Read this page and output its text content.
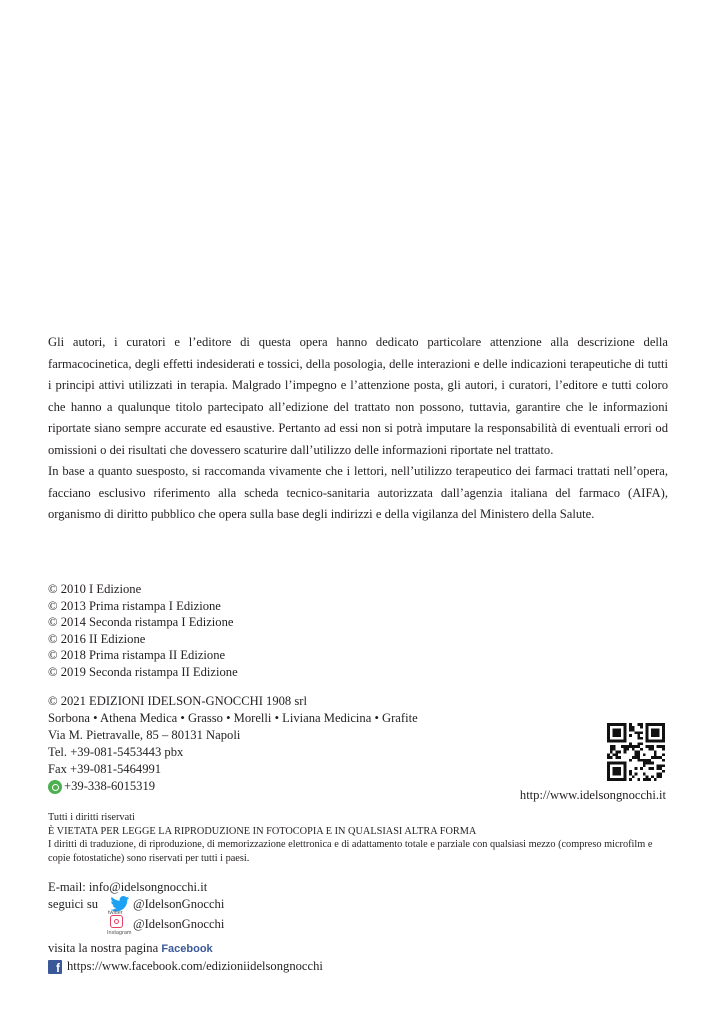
Gli autori, i curatori e l’editore di questa opera hanno dedicato particolare attenzione alla descrizione della farmacocinetica, degli effetti indesiderati e tossici, della posologia, delle interazioni e delle indicazioni terapeutiche di tutti i principi attivi utilizzati in terapia. Malgrado l’impegno e l’attenzione posta, gli autori, i curatori, l’editore e tutti coloro che hanno a qualunque titolo partecipato all’edizione del trattato non possono, tuttavia, garantire che le informazioni riportate siano sempre accurate ed esaustive. Pertanto ad essi non si potrà imputare la responsabilità di eventuali errori od omissioni o dei risultati che dovessero scaturire dall’utilizzo delle informazioni riportate nel trattato.

In base a quanto suesposto, si raccomanda vivamente che i lettori, nell’utilizzo terapeutico dei farmaci trattati nell’opera, facciano esclusivo riferimento alla scheda tecnico-sanitaria autorizzata dall’agenzia italiana del farmaco (AIFA), organismo di diritto pubblico che opera sulla base degli indirizzi e della vigilanza del Ministero della Salute.

© 2010 I Edizione
© 2013 Prima ristampa I Edizione
© 2014 Seconda ristampa I Edizione
© 2016 II Edizione
© 2018 Prima ristampa II Edizione
© 2019 Seconda ristampa II Edizione
© 2021 EDIZIONI IDELSON-GNOCCHI 1908 srl
Sorbona • Athena Medica • Grasso • Morelli • Liviana Medicina • Grafite
Via M. Pietravalle, 85 – 80131 Napoli
Tel. +39-081-5453443 pbx
Fax +39-081-5464991
+39-338-6015319
http://www.idelsongnocchi.it
Tutti i diritti riservati
È VIETATA PER LEGGE LA RIPRODUZIONE IN FOTOCOPIA E IN QUALSIASI ALTRA FORMA
I diritti di traduzione, di riproduzione, di memorizzazione elettronica e di adattamento totale e parziale con qualsiasi mezzo (compreso microfilm e copie fotostatiche) sono riservati per tutti i paesi.
E-mail: info@idelsongnocchi.it
seguici su
twitter
@IdelsonGnocchi
Instagram
@IdelsonGnocchi
visita la nostra pagina Facebook
f https://www.facebook.com/edizioniidelsongnocchi
